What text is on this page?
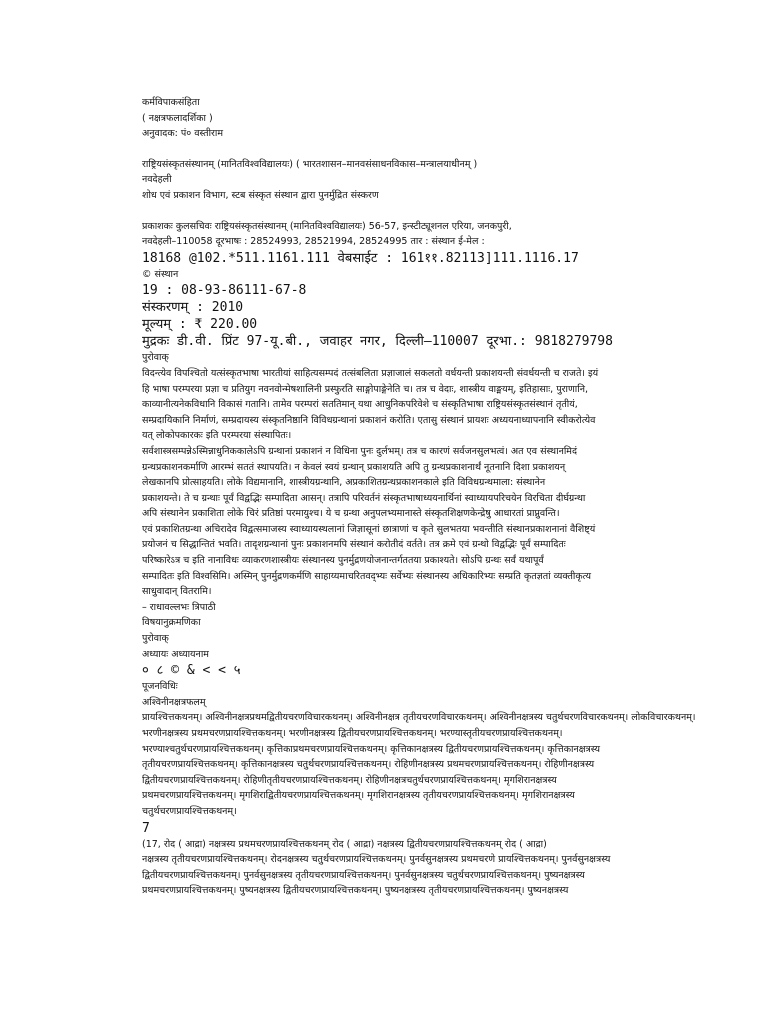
कर्मविपाकसंहिता
( नक्षत्रफलादर्शिका )
अनुवादक: पं० वस्तीराम
राष्ट्रियसंस्कृतसंस्थानम् (मानितविश्वविद्यालयः) ( भारतशासन–मानवसंसाधनविकास–मन्त्रालयाधीनम् )
नवदेहली
शोध एवं प्रकाशन विभाग, स्टब संस्कृत संस्थान द्वारा पुनर्मुद्रित संस्करण
प्रकाशकः कुलसचिवः राष्ट्रियसंस्कृतसंस्थानम् (मानितविश्वविद्यालयः) 56-57, इन्स्टीट्यूशनल एरिया, जनकपुरी,
नवदेहली–110058 दूरभाषः : 28524993, 28521994, 28524995 तार : संस्थान ई-मेल :
18168 @102.*511.1161.111 वेबसाईट : 161११.82113]111.1116.17
© संस्थान
19 : 08-93-86111-67-8
संस्करणम् : 2010
मूल्यम् : ₹ 220.00
मुद्रकः डी.वी. प्रिंट 97-यू.बी., जवाहर नगर, दिल्ली–110007 दूरभा.: 9818279798
पुरोवाक्
विदन्त्येव विपश्चितो यत्संस्कृतभाषा भारतीयां साहित्यसम्पदं तत्संबलिता प्रज्ञाजालं सकलतो वर्धयन्ती प्रकाशयन्ती संवर्धयन्ती च राजते। इयं
हि भाषा परम्परया प्रज्ञा च प्रतियुग नवनवोन्मेषशालिनी प्रस्फुरति साङ्गोपाङ्गेनेति च। तत्र च वेदाः, शास्त्रीय वाङ्मयम्, इतिहासाः, पुराणानि,
काव्यानीत्यनेकविधानि विकासं गतानि। तामेव परम्परां सततिमान् यथा आधुनिकपरिवेशे च संस्कृतिभाषा राष्ट्रियसंस्कृतसंस्थानं तृतीयं,
सम्प्रदायिकानि निर्माणं, सम्प्रदायस्य संस्कृतनिष्ठानि विविधग्रन्थानां प्रकाशनं करोति। एतासु संस्थानं प्रायशः अध्ययनाध्यापनानि स्वीकरोत्येव
यत् लोकोपकारकः इति परम्परया संस्थापितः।
सर्वशास्त्रसम्पन्नेऽस्मिन्नाधुनिककालेऽपि ग्रन्थानां प्रकाशनं न विधिना पुनः दुर्लभम्। तत्र च कारणं सर्वजनसुलभत्वं। अत एव संस्थानमिदं
ग्रन्थप्रकाशनकर्माणि आरम्भं सततं स्थापयति। न केवलं स्वयं ग्रन्थान् प्रकाशयति अपि तु ग्रन्थप्रकाशनार्थं नूतनानि दिशा प्रकाशयन्
लेखकानपि प्रोत्साहयति। लोके विद्यमानानि, शास्त्रीयग्रन्थानि, अप्रकाशितग्रन्थप्रकाशनकाले इति विविधग्रन्थमाला: संस्थानेन
प्रकाशयन्ते। ते च ग्रन्थाः पूर्वं विद्वद्भिः सम्पादिता आसन्। तत्रापि परिवर्तनं संस्कृतभाषाध्ययनार्थिनां स्वाध्यायपरिचयेन विरचिता दीर्घग्रन्था
अपि संस्थानेन प्रकाशिता लोके चिरं प्रतिष्ठां परमायुश्च। ये च ग्रन्था अनुपलभ्यमानास्ते संस्कृतशिक्षणकेन्द्रेषु आधारतां प्राप्नुवन्ति।
एवं प्रकाशितग्रन्था अचिरादेव विद्वत्समाजस्य स्वाध्यायस्थलानां जिज्ञासूनां छात्राणां च कृते सुलभतया भवन्तीति संस्थानप्रकाशनानां वैशिष्ट्यं
प्रयोजनं च सिद्धान्तितं भवति। तादृशग्रन्थानां पुनः प्रकाशनमपि संस्थानं करोतीदं वर्तते। तत्र क्रमे एवं ग्रन्थो विद्वद्भिः पूर्वं सम्पादितः
परिष्कारेऽत्र च इति नानाविधः व्याकरणशास्त्रीयः संस्थानस्य पुनर्मुद्रणयोजनान्तर्गततया प्रकाश्यते। सोऽपि ग्रन्थः सर्वं यथापूर्वं
सम्पादितः इति विश्वसिमि। अस्मिन् पुनर्मुद्रणकर्मणि साहाय्यमाचरितवद्भ्यः सर्वेभ्यः संस्थानस्य अधिकारिभ्यः सम्प्रति कृतज्ञतां व्यक्तीकृत्य
साधुवादान् वितरामि।
– राधावल्लभः त्रिपाठी
विषयानुक्रमणिका
पुरोवाक्
अध्यायः अध्यायनाम
० ८ © & < < ५
पूजनविधिः
अश्विनीनक्षत्रफलम्
प्रायश्चित्तकथनम्। अश्विनीनक्षत्रप्रथमद्वितीयचरणविचारकथनम्। अश्विनीनक्षत्र तृतीयचरणविचारकथनम्। अश्विनीनक्षत्रस्य चतुर्थचरणविचारकथनम्। लोकविचारकथनम्।
भरणीनक्षत्रस्य प्रथमचरणप्रायश्चित्तकथनम्। भरणीनक्षत्रस्य द्वितीयचरणप्रायश्चित्तकथनम्। भरण्यास्तृतीयचरणप्रायश्चित्तकथनम्।
भरण्याश्चतुर्थचरणप्रायश्चित्तकथनम्। कृत्तिकाप्रथमचरणप्रायश्चित्तकथनम्। कृत्तिकानक्षत्रस्य द्वितीयचरणप्रायश्चित्तकथनम्। कृत्तिकानक्षत्रस्य
तृतीयचरणप्रायश्चित्तकथनम्। कृत्तिकानक्षत्रस्य चतुर्थचरणप्रायश्चित्तकथनम्। रोहिणीनक्षत्रस्य प्रथमचरणप्रायश्चित्तकथनम्। रोहिणीनक्षत्रस्य
द्वितीयचरणप्रायश्चित्तकथनम्। रोहिणीतृतीयचरणप्रायश्चित्तकथनम्। रोहिणीनक्षत्रचतुर्थचरणप्रायश्चित्तकथनम्। मृगशिरानक्षत्रस्य
प्रथमचरणप्रायश्चित्तकथनम्। मृगशिराद्वितीयचरणप्रायश्चित्तकथनम्। मृगशिरानक्षत्रस्य तृतीयचरणप्रायश्चित्तकथनम्। मृगशिरानक्षत्रस्य
चतुर्थचरणप्रायश्चित्तकथनम्।
7
(17, रोद ( आद्रा) नक्षत्रस्य प्रथमचरणप्रायश्चित्तकथनम् रोद ( आद्रा) नक्षत्रस्य द्वितीयचरणप्रायश्चित्तकथनम् रोद ( आद्रा)
नक्षत्रस्य तृतीयचरणप्रायश्चित्तकथनम्। रोदनक्षत्रस्य चतुर्थचरणप्रायश्चित्तकथनम्। पुनर्वसुनक्षत्रस्य प्रथमचरणे प्रायश्चित्तकथनम्। पुनर्वसुनक्षत्रस्य
द्वितीयचरणप्रायश्चित्तकथनम्। पुनर्वसुनक्षत्रस्य तृतीयचरणप्रायश्चित्तकथनम्। पुनर्वसुनक्षत्रस्य चतुर्थचरणप्रायश्चित्तकथनम्। पुष्यनक्षत्रस्य
प्रथमचरणप्रायश्चित्तकथनम्। पुष्यनक्षत्रस्य द्वितीयचरणप्रायश्चित्तकथनम्। पुष्यनक्षत्रस्य तृतीयचरणप्रायश्चित्तकथनम्। पुष्यनक्षत्रस्य
